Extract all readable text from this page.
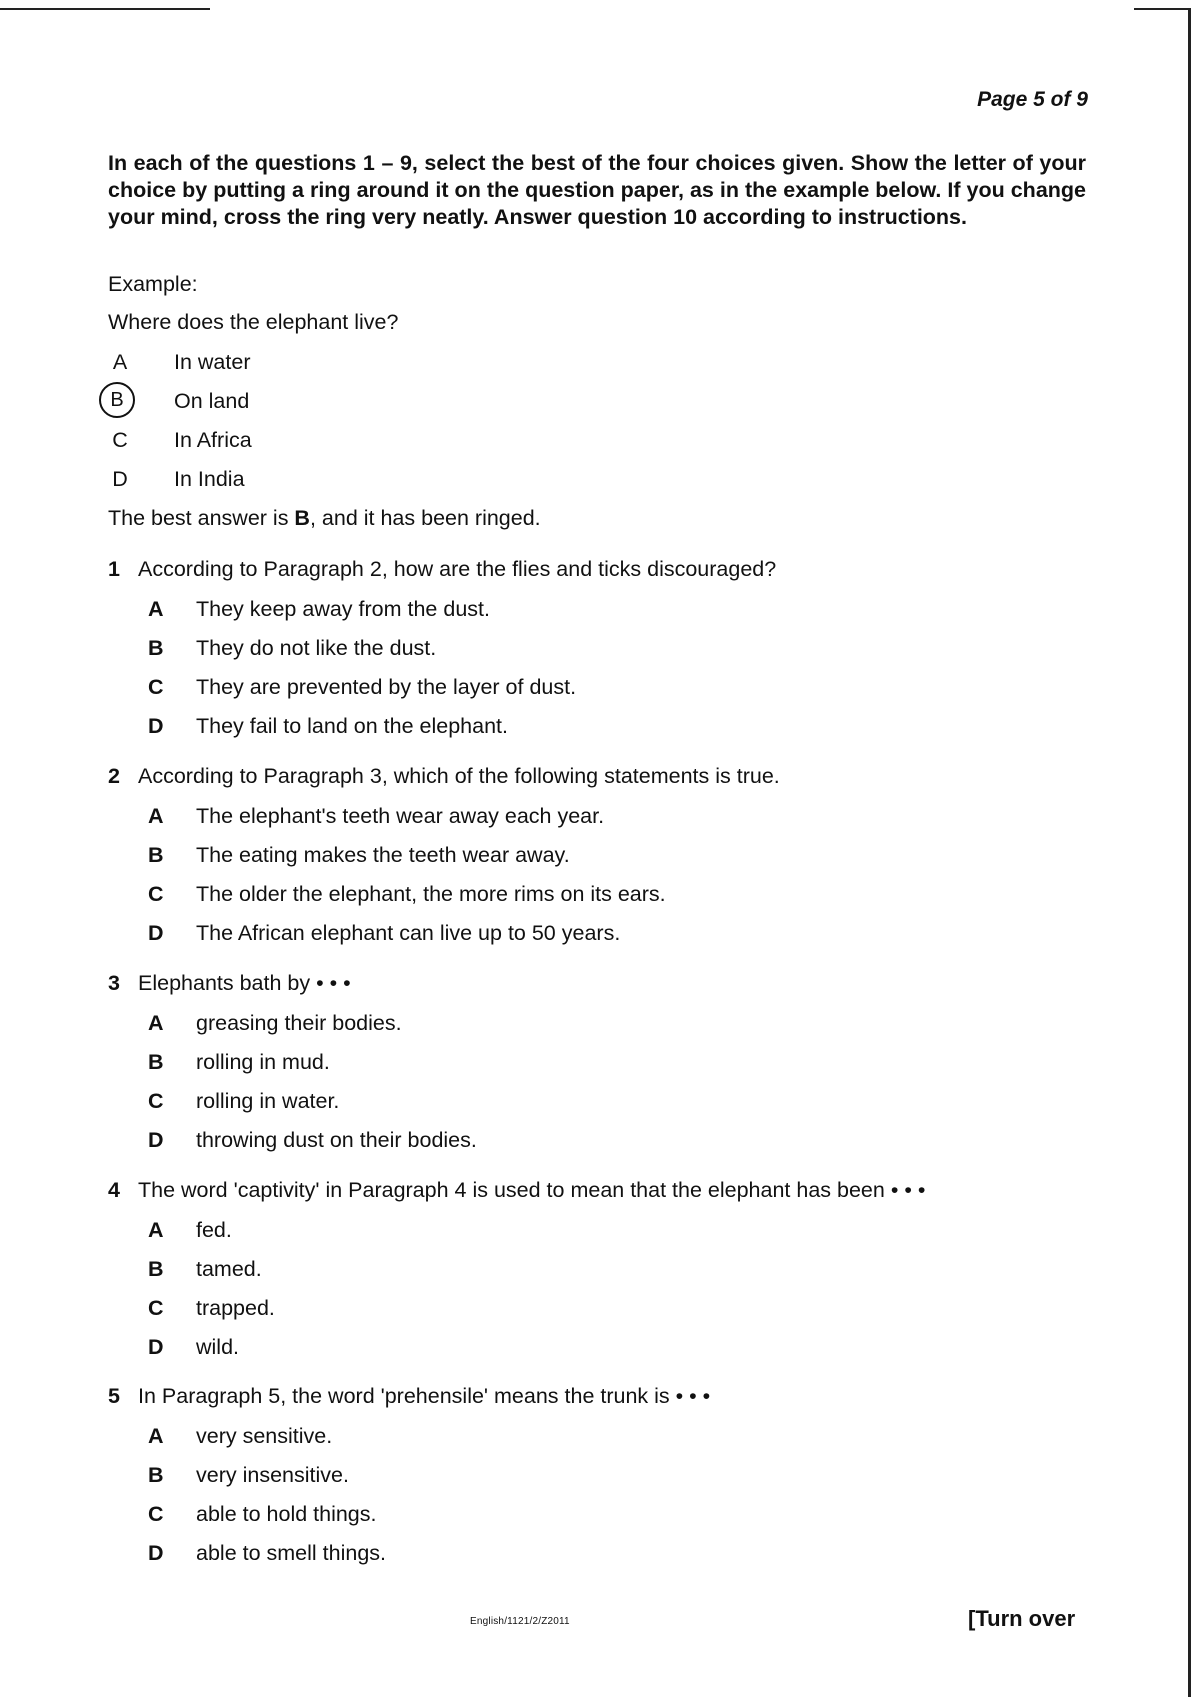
Page 5 of 9

In each of the questions 1 – 9, select the best of the four choices given. Show the letter of your choice by putting a ring around it on the question paper, as in the example below. If you change your mind, cross the ring very neatly. Answer question 10 according to instructions.

Example:
Where does the elephant live?
A In water
B	On land
C In Africa
D In India
The best answer is B, and it has been ringed.
1 According to Paragraph 2, how are the flies and ticks discouraged?
A They keep away from the dust.
B They do not like the dust.
C They are prevented by the layer of dust.
D They fail to land on the elephant.
2 According to Paragraph 3, which of the following statements is true.
A The elephant's teeth wear away each year.
B The eating makes the teeth wear away.
C The older the elephant, the more rims on its ears.
D The African elephant can live up to 50 years.
3 Elephants bath by • • •
A greasing their bodies.
B rolling in mud.
C rolling in water.
D throwing dust on their bodies.
4 The word 'captivity' in Paragraph 4 is used to mean that the elephant has been • • •
A fed.
B tamed.
C trapped.
D wild.
5 In Paragraph 5, the word 'prehensile' means the trunk is • • •
A very sensitive.
B very insensitive.
C able to hold things.
D able to smell things.
English/1121/2/Z2011	[Turn over
